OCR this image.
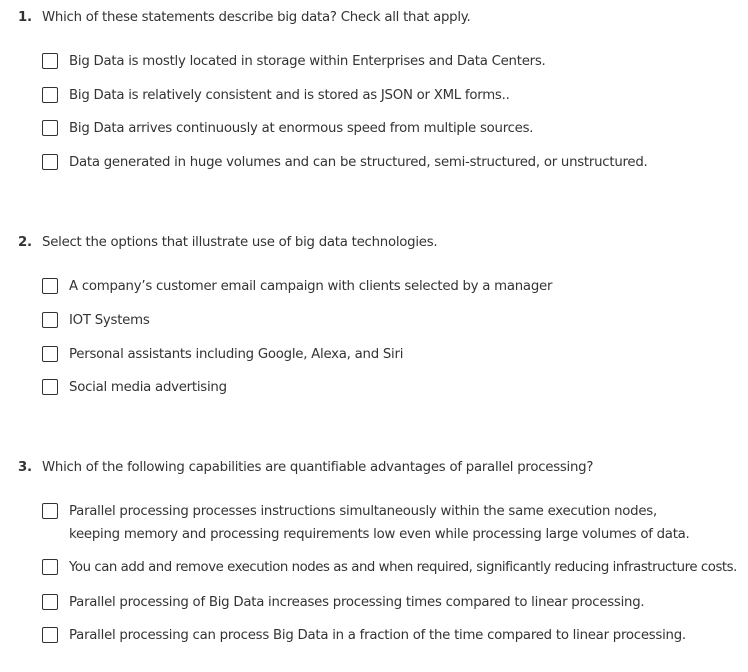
1. Which of these statements describe big data? Check all that apply.
Big Data is mostly located in storage within Enterprises and Data Centers.
Big Data is relatively consistent and is stored as JSON or XML forms..
Big Data arrives continuously at enormous speed from multiple sources.
Data generated in huge volumes and can be structured, semi-structured, or unstructured.
2. Select the options that illustrate use of big data technologies.
A company’s customer email campaign with clients selected by a manager
IOT Systems
Personal assistants including Google, Alexa, and Siri
Social media advertising
3. Which of the following capabilities are quantifiable advantages of parallel processing?
Parallel processing processes instructions simultaneously within the same execution nodes, keeping memory and processing requirements low even while processing large volumes of data.
You can add and remove execution nodes as and when required, significantly reducing infrastructure costs.
Parallel processing of Big Data increases processing times compared to linear processing.
Parallel processing can process Big Data in a fraction of the time compared to linear processing.
